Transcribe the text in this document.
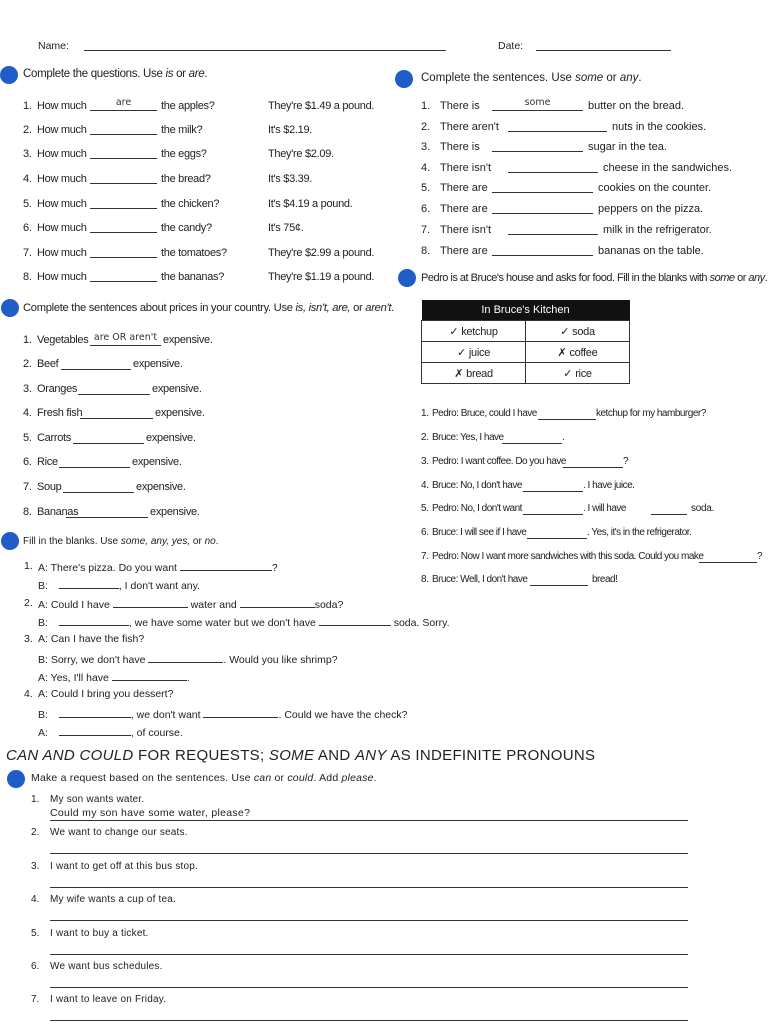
Name:	Date:
Complete the questions. Use is or are.
1. How much	are	the apples?	They're $1.49 a pound.
2. How much	the milk?	It's $2.19.
3. How much	the eggs?	They're $2.09.
4. How much	the bread?	It's $3.39.
5. How much	the chicken?	It's $4.19 a pound.
6. How much	the candy?	It's 75¢.
7. How much	the tomatoes?	They're $2.99 a pound.
8. How much	the bananas?	They're $1.19 a pound.
Complete the sentences. Use some or any.
1. There is	some	butter on the bread.
2. There aren't	nuts in the cookies.
3. There is	sugar in the tea.
4. There isn't	cheese in the sandwiches.
5. There are	cookies on the counter.
6. There are	peppers on the pizza.
7. There isn't	milk in the refrigerator.
8. There are	bananas on the table.
Complete the sentences about prices in your country. Use is, isn't, are, or aren't.
1. Vegetables are OR aren't expensive.
2. Beef	expensive.
3. Oranges	expensive.
4. Fresh fish	expensive.
5. Carrots	expensive.
6. Rice	expensive.
7. Soup	expensive.
8. Bananas	expensive.
Pedro is at Bruce's house and asks for food. Fill in the blanks with some or any.
In Bruce's Kitchen	
✓ ketchup	✓ soda
✓ juice	✗ coffee
✗ bread	✓ rice
1. Pedro: Bruce, could I have	ketchup for my hamburger?
2. Bruce: Yes, I have	.
3. Pedro: I want coffee. Do you have	?
4. Bruce: No, I don't have	. I have juice.
5. Pedro: No, I don't want	. I will have
6. Bruce: I will see if I have	. Yes, it's in the refrigerator.
7. Pedro: Now I want more sandwiches with this soda. Could you make	?
8. Bruce: Well, I don't have	bread!
soda.
Fill in the blanks. Use some, any, yes, or no.
1. A: There's pizza. Do you want	?
B:	, I don't want any.
2. A: Could I have	water and	soda?
B:	, we have some water but we don't have	soda. Sorry.
3. A: Can I have the fish?
B: Sorry, we don't have	. Would you like shrimp?
A: Yes, I'll have	.
4. A: Could I bring you dessert?
B:	, we don't want	. Could we have the check?
A:	, of course.
CAN AND COULD FOR REQUESTS; SOME AND ANY AS INDEFINITE PRONOUNS
Make a request based on the sentences. Use can or could. Add please.
1. My son wants water.
Could my son have some water, please?
2. We want to change our seats.
3. I want to get off at this bus stop.
4. My wife wants a cup of tea.
5. I want to buy a ticket.
6. We want bus schedules.
7. I want to leave on Friday.
